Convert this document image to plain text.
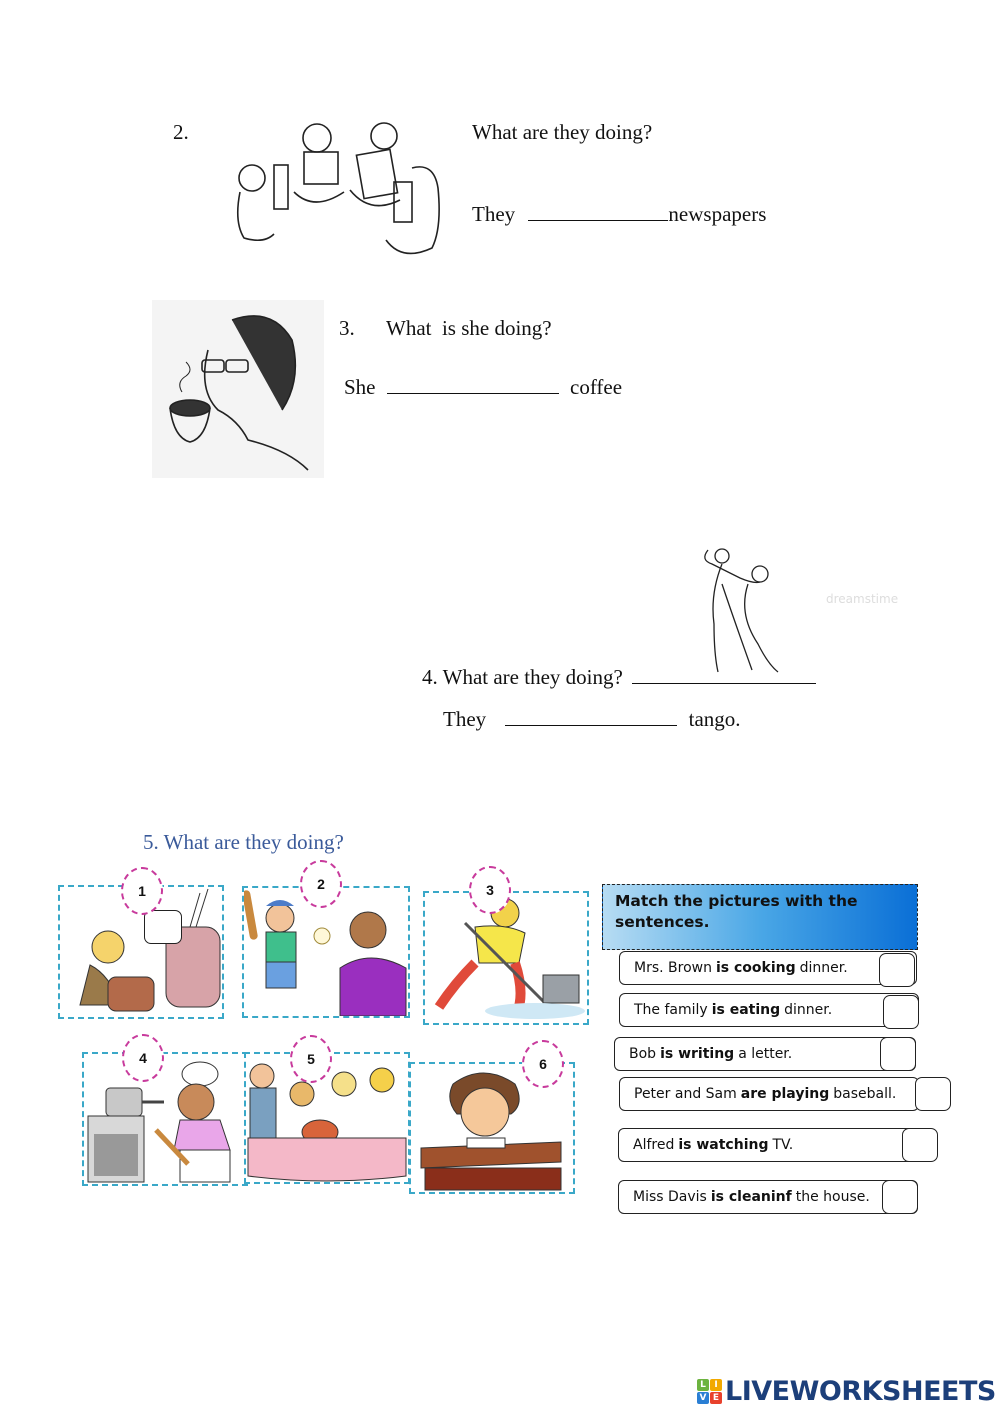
2.	What are they doing?
They	newspapers
3. What  is she doing?
She	coffee
dreamstime
4. What are they doing?
They	tango.
5. What are they doing?
1	2	3
4	5	6
Match the pictures with the sentences.
Mrs. Brown is cooking dinner.
The family is eating dinner.
Bob is writing a letter.
Peter and Sam are playing baseball.
Alfred is watching TV.
Miss Davis is cleaninf the house.
L I
V E LIVEWORKSHEETS
